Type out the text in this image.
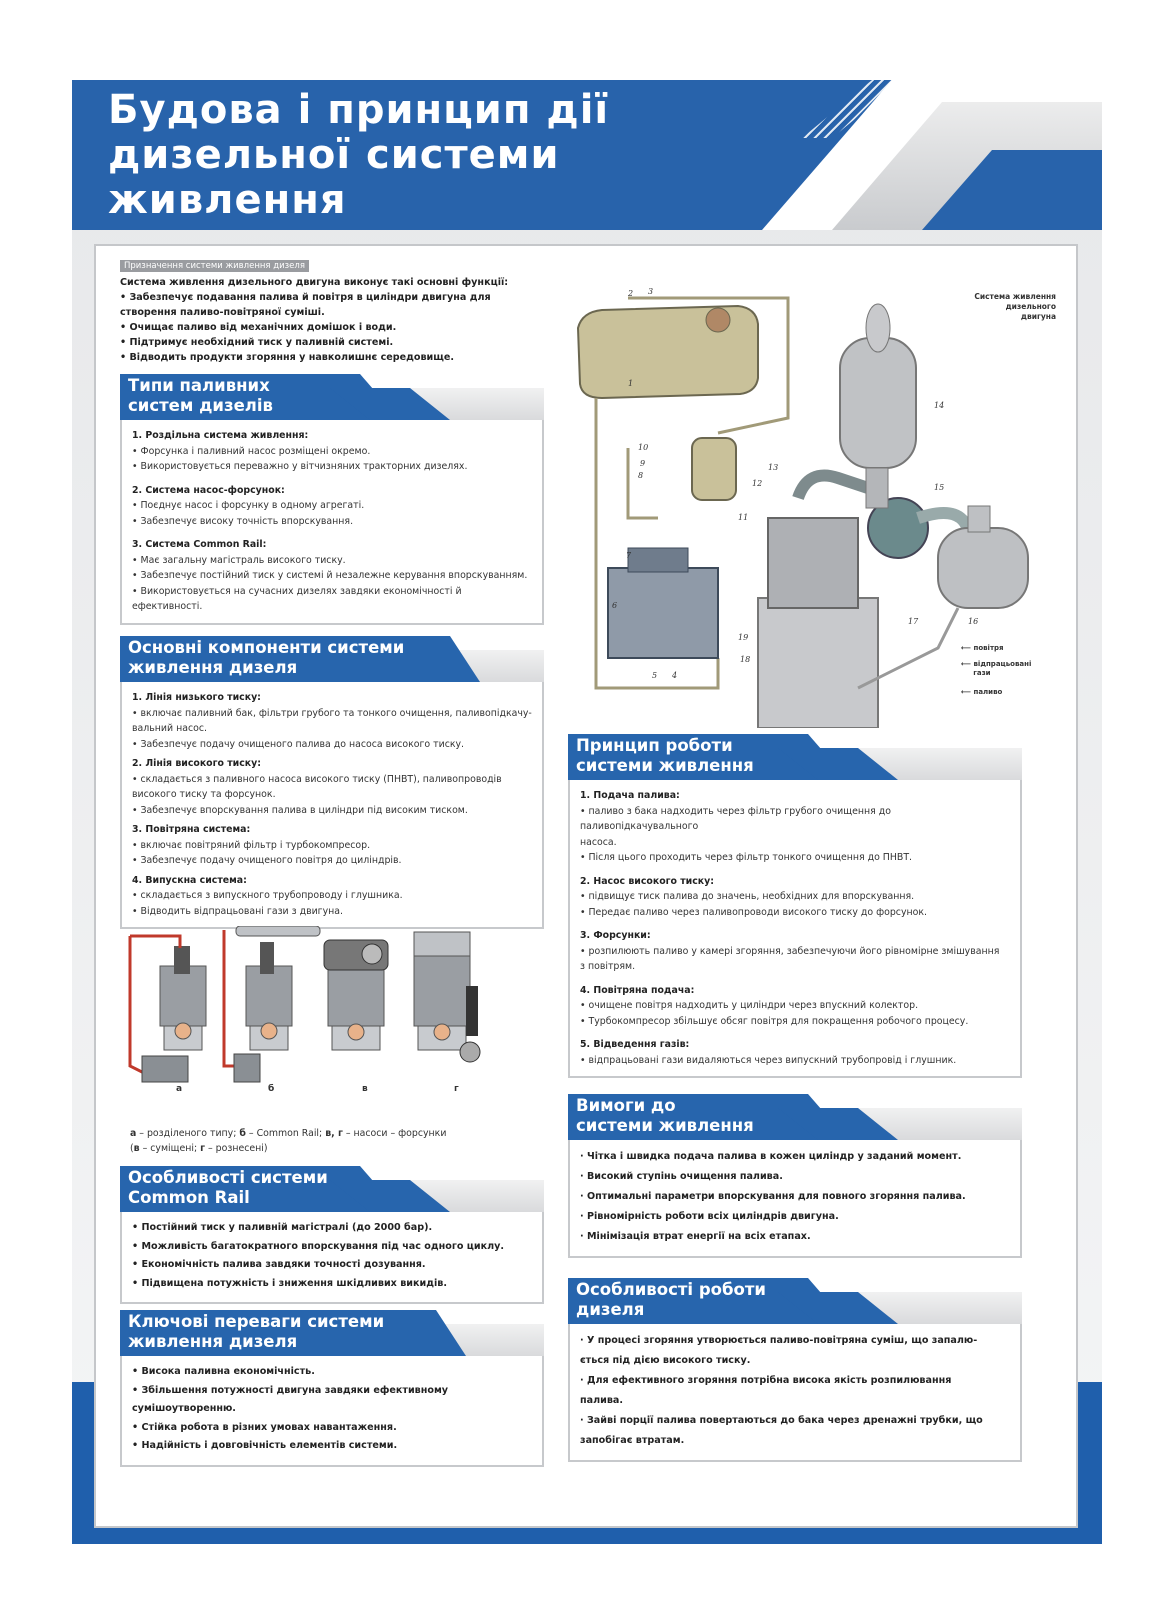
Будова і принцип дії
дизельної системи
живлення
Призначення системи живлення дизеля
Система живлення дизельного двигуна виконує такі основні функції:
• Забезпечує подавання палива й повітря в циліндри двигуна для створення паливо-повітряної суміші.
• Очищає паливо від механічних домішок і води.
• Підтримує необхідний тиск у паливній системі.
• Відводить продукти згоряння у навколишнє середовище.
Типи паливних
систем дизелів
1. Роздільна система живлення:
• Форсунка і паливний насос розміщені окремо.
• Використовується переважно у вітчизняних тракторних дизелях.
2. Система насос-форсунок:
• Поєднує насос і форсунку в одному агрегаті.
• Забезпечує високу точність впорскування.
3. Система Common Rail:
• Має загальну магістраль високого тиску.
• Забезпечує постійний тиск у системі й незалежне керування впорскуванням.
• Використовується на сучасних дизелях завдяки економічності й ефективності.
Основні компоненти системи
живлення дизеля
1. Лінія низького тиску:
• включає паливний бак, фільтри грубого та тонкого очищення, паливопідкачу-
вальний насос.
• Забезпечує подачу очищеного палива до насоса високого тиску.
2. Лінія високого тиску:
• складається з паливного насоса високого тиску (ПНВТ), паливопроводів
високого тиску та форсунок.
• Забезпечує впорскування палива в циліндри під високим тиском.
3. Повітряна система:
• включає повітряний фільтр і турбокомпресор.
• Забезпечує подачу очищеного повітря до циліндрів.
4. Випускна система:
• складається з випускного трубопроводу і глушника.
• Відводить відпрацьовані гази з двигуна.
а	б	в	г
а – розділеного типу; б – Common Rail; в, г – насоси – форсунки
(в – суміщені; г – рознесені)
Особливості системи
Common Rail
• Постійний тиск у паливній магістралі (до 2000 бар).
• Можливість багатократного впорскування під час одного циклу.
• Економічність палива завдяки точності дозування.
• Підвищена потужність і зниження шкідливих викидів.
Ключові переваги системи
живлення дизеля
• Висока паливна економічність.
• Збільшення потужності двигуна завдяки ефективному
сумішоутворенню.
• Стійка робота в різних умовах навантаження.
• Надійність і довговічність елементів системи.
1
2 3
4
5
6
7
8
9
10
11
12
13
14
15
16
17
18
19
Система живлення
дизельного
двигуна
⟵ повітря
⟵ відпрацьовані
гази
⟵ паливо
Принцип роботи
системи живлення
1. Подача палива:
• паливо з бака надходить через фільтр грубого очищення до паливопідкачувального
насоса.
• Після цього проходить через фільтр тонкого очищення до ПНВТ.
2. Насос високого тиску:
• підвищує тиск палива до значень, необхідних для впорскування.
• Передає паливо через паливопроводи високого тиску до форсунок.
3. Форсунки:
• розпилюють паливо у камері згоряння, забезпечуючи його рівномірне змішування
з повітрям.
4. Повітряна подача:
• очищене повітря надходить у циліндри через впускний колектор.
• Турбокомпресор збільшує обсяг повітря для покращення робочого процесу.
5. Відведення газів:
• відпрацьовані гази видаляються через випускний трубопровід і глушник.
Вимоги до
системи живлення
· Чітка і швидка подача палива в кожен циліндр у заданий момент.
· Високий ступінь очищення палива.
· Оптимальні параметри впорскування для повного згоряння палива.
· Рівномірність роботи всіх циліндрів двигуна.
· Мінімізація втрат енергії на всіх етапах.
Особливості роботи
дизеля
· У процесі згоряння утворюється паливо-повітряна суміш, що запалю-
ється під дією високого тиску.
· Для ефективного згоряння потрібна висока якість розпилювання
палива.
· Зайві порції палива повертаються до бака через дренажні трубки, що
запобігає втратам.
